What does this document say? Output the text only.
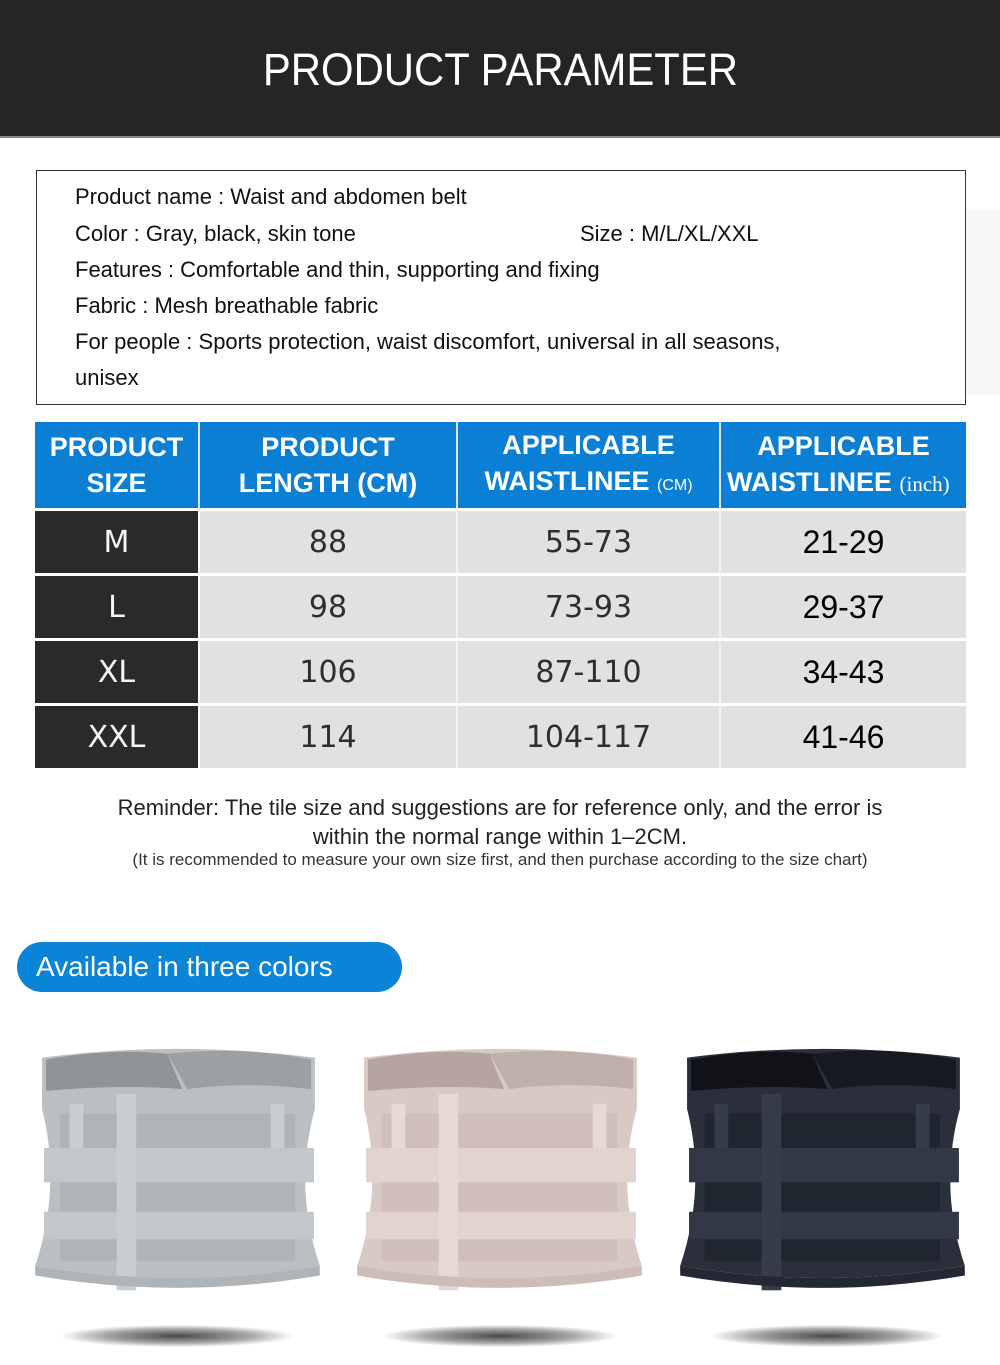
PRODUCT PARAMETER
Product name : Waist and abdomen belt
Color : Gray, black, skin tone	Size : M/L/XL/XXL
Features : Comfortable and thin, supporting and fixing
Fabric : Mesh breathable fabric
For people : Sports protection, waist discomfort, universal in all seasons,
unisex
PRODUCT
SIZE

PRODUCT
LENGTH (CM)

APPLICABLE
WAISTLINEE (CM)

APPLICABLE
WAISTLINEE (inch)

M	88	55-73	21-29
L	98	73-93	29-37
XL	106	87-110	34-43
XXL	114	104-117	41-46
Reminder: The tile size and suggestions are for reference only, and the error is
within the normal range within 1–2CM.
(It is recommended to measure your own size first, and then purchase according to the size chart)
Available in three colors
